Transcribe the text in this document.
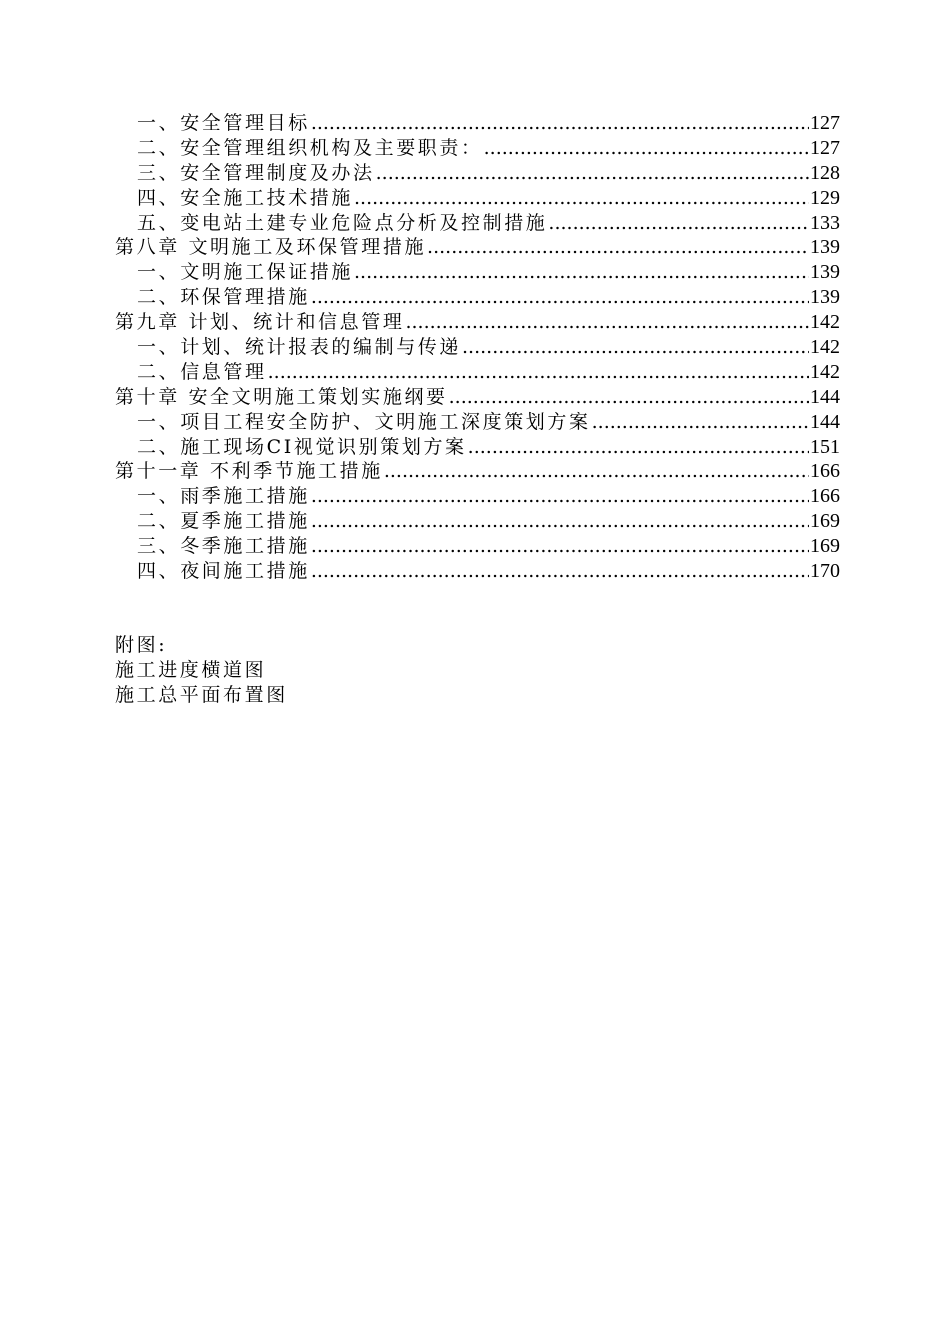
一、安全管理目标 .....	127
二、安全管理组织机构及主要职责： .....	127
三、安全管理制度及办法 .....	128
四、安全施工技术措施 .....	129
五、变电站土建专业危险点分析及控制措施 .....	133
第八章 文明施工及环保管理措施 .....	139
一、文明施工保证措施 .....	139
二、环保管理措施 .....	139
第九章 计划、统计和信息管理 .....	142
一、计划、统计报表的编制与传递 .....	142
二、信息管理 .....	142
第十章 安全文明施工策划实施纲要 .....	144
一、项目工程安全防护、文明施工深度策划方案 .....	144
二、施工现场CI视觉识别策划方案 .....	151
第十一章 不利季节施工措施 .....	166
一、雨季施工措施 .....	166
二、夏季施工措施 .....	169
三、冬季施工措施 .....	169
四、夜间施工措施 .....	170
附图:
施工进度横道图
施工总平面布置图
